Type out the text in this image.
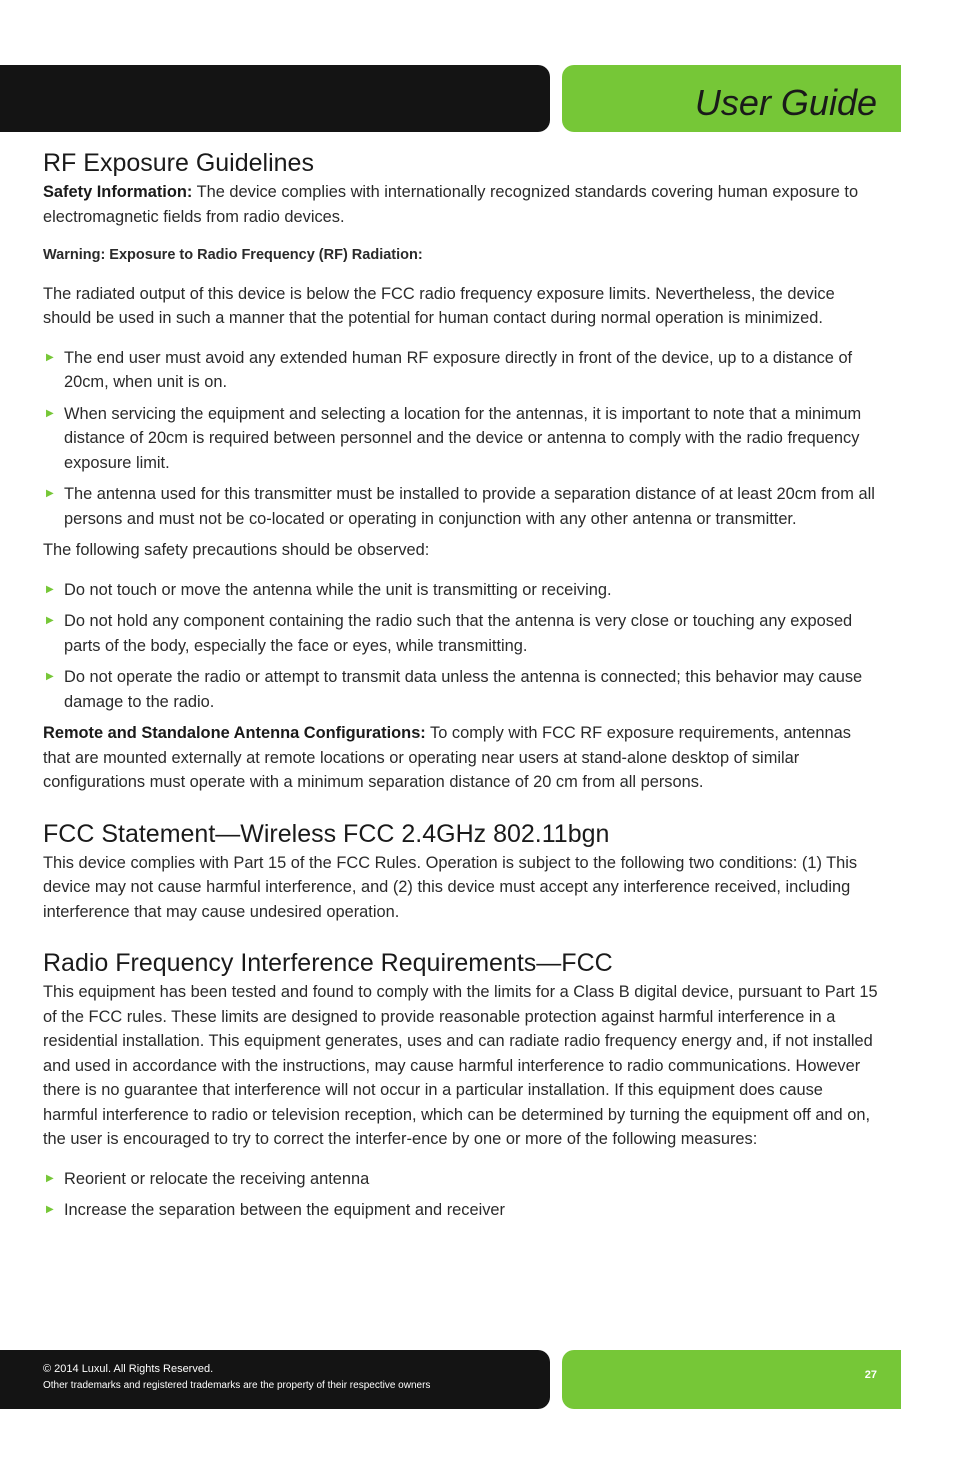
User Guide
RF Exposure Guidelines

Safety Information: The device complies with internationally recognized standards covering human exposure to electromagnetic fields from radio devices.

Warning: Exposure to Radio Frequency (RF) Radiation:

The radiated output of this device is below the FCC radio frequency exposure limits. Nevertheless, the device should be used in such a manner that the potential for human contact during normal operation is minimized.

▶ The end user must avoid any extended human RF exposure directly in front of the device, up to a distance of 20cm, when unit is on.
▶ When servicing the equipment and selecting a location for the antennas, it is important to note that a minimum distance of 20cm is required between personnel and the device or antenna to comply with the radio frequency exposure limit.
▶ The antenna used for this transmitter must be installed to provide a separation distance of at least 20cm from all persons and must not be co-located or operating in conjunction with any other antenna or transmitter.

The following safety precautions should be observed:

▶ Do not touch or move the antenna while the unit is transmitting or receiving.
▶ Do not hold any component containing the radio such that the antenna is very close or touching any exposed parts of the body, especially the face or eyes, while transmitting.
▶ Do not operate the radio or attempt to transmit data unless the antenna is connected; this behavior may cause damage to the radio.

Remote and Standalone Antenna Configurations: To comply with FCC RF exposure requirements, antennas that are mounted externally at remote locations or operating near users at stand-alone desktop of similar configurations must operate with a minimum separation distance of 20 cm from all persons.

FCC Statement—Wireless FCC 2.4GHz 802.11bgn

This device complies with Part 15 of the FCC Rules. Operation is subject to the following two conditions: (1) This device may not cause harmful interference, and (2) this device must accept any interference received, including interference that may cause undesired operation.

Radio Frequency Interference Requirements—FCC

This equipment has been tested and found to comply with the limits for a Class B digital device, pursuant to Part 15 of the FCC rules. These limits are designed to provide reasonable protection against harmful interference in a residential installation. This equipment generates, uses and can radiate radio frequency energy and, if not installed and used in accordance with the instructions, may cause harmful interference to radio communications. However there is no guarantee that interference will not occur in a particular installation. If this equipment does cause harmful interference to radio or television reception, which can be determined by turning the equipment off and on, the user is encouraged to try to correct the interfer-ence by one or more of the following measures:

▶ Reorient or relocate the receiving antenna
▶ Increase the separation between the equipment and receiver
© 2014 Luxul. All Rights Reserved.
Other trademarks and registered trademarks are the property of their respective owners
27
